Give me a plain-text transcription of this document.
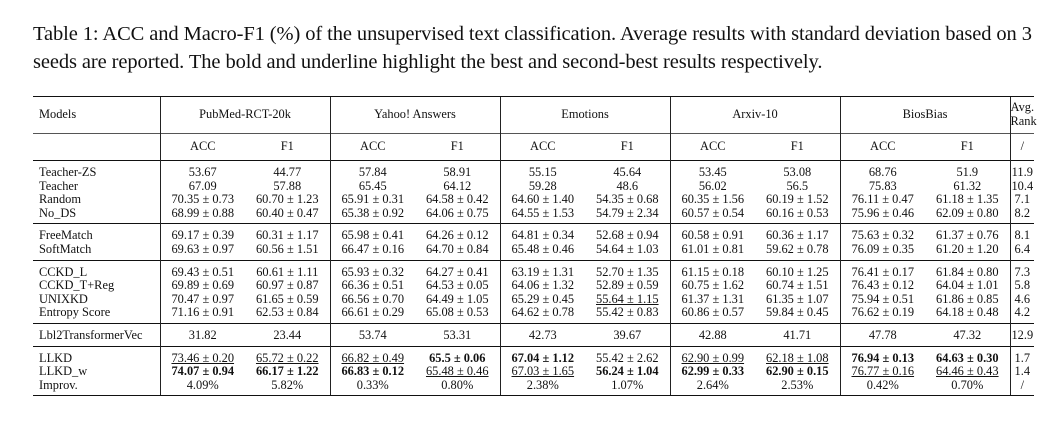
Table 1: ACC and Macro-F1 (%) of the unsupervised text classification. Average results with standard deviation based on 3 seeds are reported. The bold and underline highlight the best and second-best results respectively.

Models	PubMed-RCT-20k		Yahoo! Answers		Emotions		Arxiv-10		BiosBias		Avg.
Rank
	ACC	F1	ACC	F1	ACC	F1	ACC	F1	ACC	F1	/
Teacher-ZS	53.67	44.77	57.84	58.91	55.15	45.64	53.45	53.08	68.76	51.9	11.9
Teacher	67.09	57.88	65.45	64.12	59.28	48.6	56.02	56.5	75.83	61.32	10.4
Random	70.35 ± 0.73	60.70 ± 1.23	65.91 ± 0.31	64.58 ± 0.42	64.60 ± 1.40	54.35 ± 0.68	60.35 ± 1.56	60.19 ± 1.52	76.11 ± 0.47	61.18 ± 1.35	7.1
No_DS	68.99 ± 0.88	60.40 ± 0.47	65.38 ± 0.92	64.06 ± 0.75	64.55 ± 1.53	54.79 ± 2.34	60.57 ± 0.54	60.16 ± 0.53	75.96 ± 0.46	62.09 ± 0.80	8.2
FreeMatch	69.17 ± 0.39	60.31 ± 1.17	65.98 ± 0.41	64.26 ± 0.12	64.81 ± 0.34	52.68 ± 0.94	60.58 ± 0.91	60.36 ± 1.17	75.63 ± 0.32	61.37 ± 0.76	8.1
SoftMatch	69.63 ± 0.97	60.56 ± 1.51	66.47 ± 0.16	64.70 ± 0.84	65.48 ± 0.46	54.64 ± 1.03	61.01 ± 0.81	59.62 ± 0.78	76.09 ± 0.35	61.20 ± 1.20	6.4
CCKD_L	69.43 ± 0.51	60.61 ± 1.11	65.93 ± 0.32	64.27 ± 0.41	63.19 ± 1.31	52.70 ± 1.35	61.15 ± 0.18	60.10 ± 1.25	76.41 ± 0.17	61.84 ± 0.80	7.3
CCKD_T+Reg	69.89 ± 0.69	60.97 ± 0.87	66.36 ± 0.51	64.53 ± 0.05	64.06 ± 1.32	52.89 ± 0.59	60.75 ± 1.62	60.74 ± 1.51	76.43 ± 0.12	64.04 ± 1.01	5.8
UNIXKD	70.47 ± 0.97	61.65 ± 0.59	66.56 ± 0.70	64.49 ± 1.05	65.29 ± 0.45	55.64 ± 1.15	61.37 ± 1.31	61.35 ± 1.07	75.94 ± 0.51	61.86 ± 0.85	4.6
Entropy Score	71.16 ± 0.91	62.53 ± 0.84	66.61 ± 0.29	65.08 ± 0.53	64.62 ± 0.78	55.42 ± 0.83	60.86 ± 0.57	59.84 ± 0.45	76.62 ± 0.19	64.18 ± 0.48	4.2
Lbl2TransformerVec	31.82	23.44	53.74	53.31	42.73	39.67	42.88	41.71	47.78	47.32	12.9
LLKD	73.46 ± 0.20	65.72 ± 0.22	66.82 ± 0.49	65.5 ± 0.06	67.04 ± 1.12	55.42 ± 2.62	62.90 ± 0.99	62.18 ± 1.08	76.94 ± 0.13	64.63 ± 0.30	1.7
LLKD_w	74.07 ± 0.94	66.17 ± 1.22	66.83 ± 0.12	65.48 ± 0.46	67.03 ± 1.65	56.24 ± 1.04	62.99 ± 0.33	62.90 ± 0.15	76.77 ± 0.16	64.46 ± 0.43	1.4
Improv.	4.09%	5.82%	0.33%	0.80%	2.38%	1.07%	2.64%	2.53%	0.42%	0.70%	/
